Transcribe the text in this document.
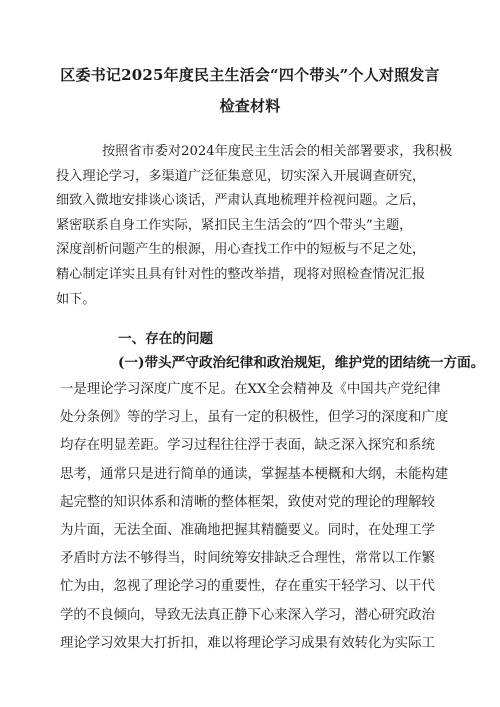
区委书记2025年度民主生活会“四个带头”个人对照发言
检查材料
按照省市委对2024年度民主生活会的相关部署要求，我积极
投入理论学习，多渠道广泛征集意见，切实深入开展调查研究，
细致入微地安排谈心谈话，严肃认真地梳理并检视问题。之后，
紧密联系自身工作实际，紧扣民主生活会的“四个带头”主题，
深度剖析问题产生的根源，用心查找工作中的短板与不足之处，
精心制定详实且具有针对性的整改举措，现将对照检查情况汇报
如下。
一、存在的问题
(一)带头严守政治纪律和政治规矩，维护党的团结统一方面。
一是理论学习深度广度不足。在XX全会精神及《中国共产党纪律
处分条例》等的学习上，虽有一定的积极性，但学习的深度和广度
均存在明显差距。学习过程往往浮于表面，缺乏深入探究和系统
思考，通常只是进行简单的通读，掌握基本梗概和大纲，未能构建
起完整的知识体系和清晰的整体框架，致使对党的理论的理解较
为片面，无法全面、准确地把握其精髓要义。同时，在处理工学
矛盾时方法不够得当，时间统筹安排缺乏合理性，常常以工作繁
忙为由，忽视了理论学习的重要性，存在重实干轻学习、以干代
学的不良倾向，导致无法真正静下心来深入学习，潜心研究政治
理论学习效果大打折扣，难以将理论学习成果有效转化为实际工
